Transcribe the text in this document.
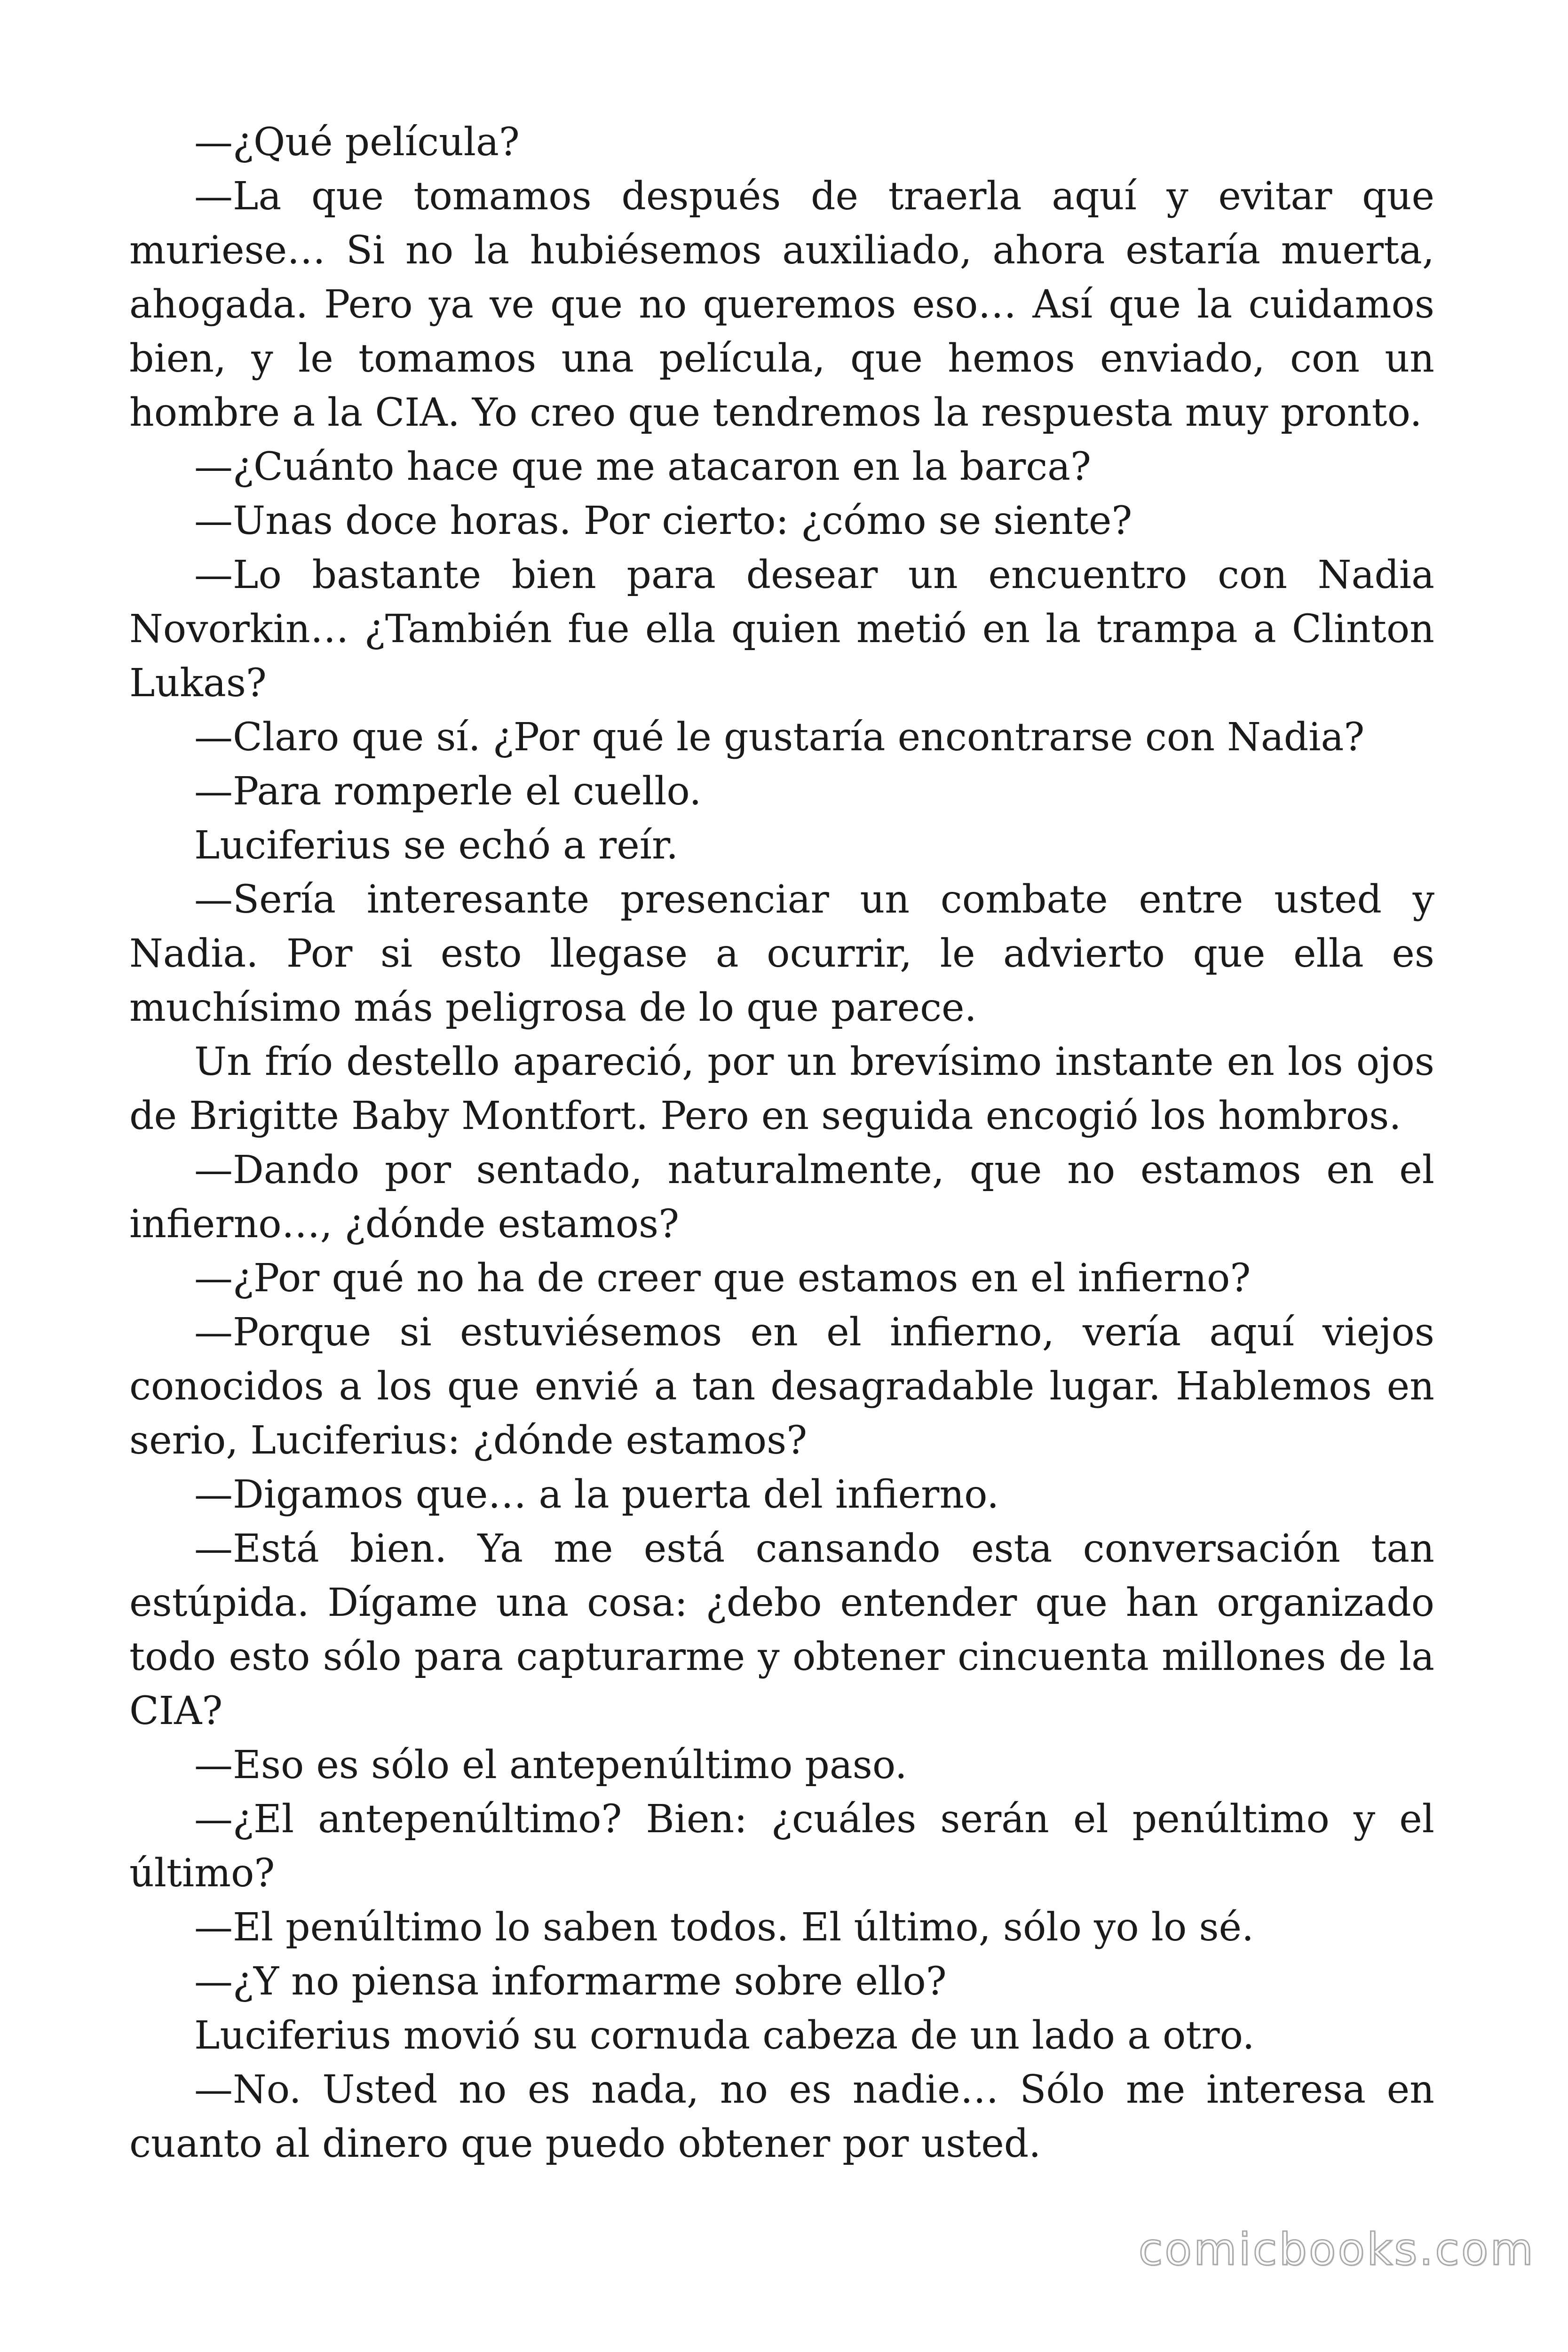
—¿Qué película?

—La que tomamos después de traerla aquí y evitar que muriese… Si no la hubiésemos auxiliado, ahora estaría muerta, ahogada. Pero ya ve que no queremos eso… Así que la cuidamos bien, y le tomamos una película, que hemos enviado, con un hombre a la CIA. Yo creo que tendremos la respuesta muy pronto.

—¿Cuánto hace que me atacaron en la barca?

—Unas doce horas. Por cierto: ¿cómo se siente?

—Lo bastante bien para desear un encuentro con Nadia Novorkin… ¿También fue ella quien metió en la trampa a Clinton Lukas?

—Claro que sí. ¿Por qué le gustaría encontrarse con Nadia?

—Para romperle el cuello.

Luciferius se echó a reír.

—Sería interesante presenciar un combate entre usted y Nadia. Por si esto llegase a ocurrir, le advierto que ella es muchísimo más peligrosa de lo que parece.

Un frío destello apareció, por un brevísimo instante en los ojos de Brigitte Baby Montfort. Pero en seguida encogió los hombros.

—Dando por sentado, naturalmente, que no estamos en el infierno…, ¿dónde estamos?

—¿Por qué no ha de creer que estamos en el infierno?

—Porque si estuviésemos en el infierno, vería aquí viejos conocidos a los que envié a tan desagradable lugar. Hablemos en serio, Luciferius: ¿dónde estamos?

—Digamos que… a la puerta del infierno.

—Está bien. Ya me está cansando esta conversación tan estúpida. Dígame una cosa: ¿debo entender que han organizado todo esto sólo para capturarme y obtener cincuenta millones de la CIA?

—Eso es sólo el antepenúltimo paso.

—¿El antepenúltimo? Bien: ¿cuáles serán el penúltimo y el último?

—El penúltimo lo saben todos. El último, sólo yo lo sé.

—¿Y no piensa informarme sobre ello?

Luciferius movió su cornuda cabeza de un lado a otro.

—No. Usted no es nada, no es nadie… Sólo me interesa en cuanto al dinero que puedo obtener por usted.

comicbooks.com
